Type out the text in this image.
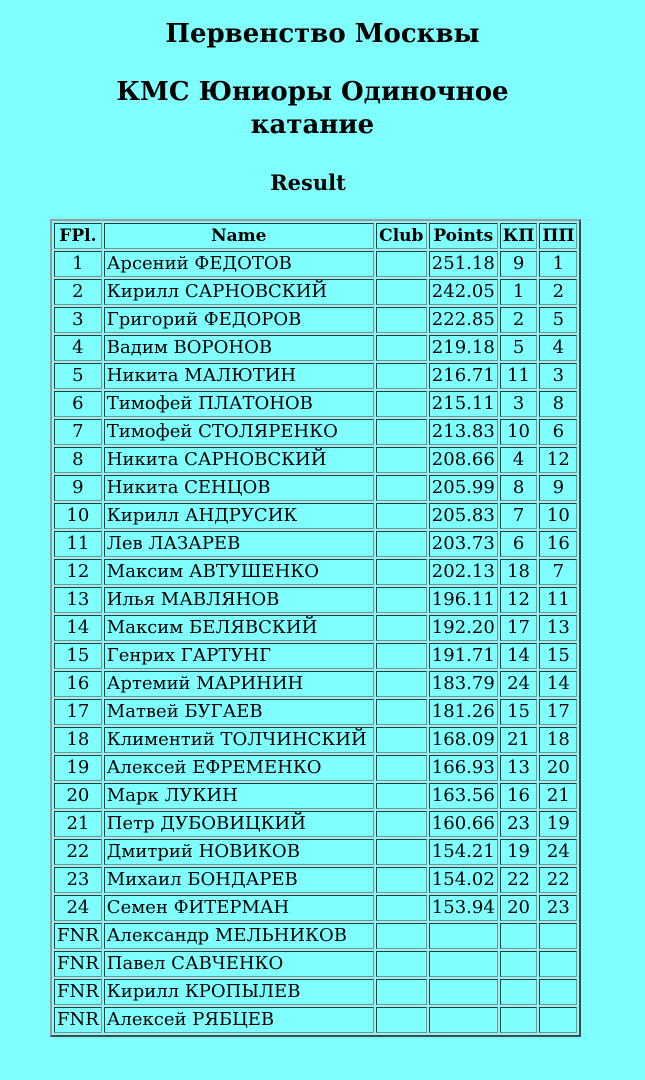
Первенство Москвы
КМС Юниоры Одиночное катание
Result
FPl.	Name	Club	Points	КП	ПП
1	Арсений ФЕДОТОВ		251.18	9	1
2	Кирилл САРНОВСКИЙ		242.05	1	2
3	Григорий ФЕДОРОВ		222.85	2	5
4	Вадим ВОРОНОВ		219.18	5	4
5	Никита МАЛЮТИН		216.71	11	3
6	Тимофей ПЛАТОНОВ		215.11	3	8
7	Тимофей СТОЛЯРЕНКО		213.83	10	6
8	Никита САРНОВСКИЙ		208.66	4	12
9	Никита СЕНЦОВ		205.99	8	9
10	Кирилл АНДРУСИК		205.83	7	10
11	Лев ЛАЗАРЕВ		203.73	6	16
12	Максим АВТУШЕНКО		202.13	18	7
13	Илья МАВЛЯНОВ		196.11	12	11
14	Максим БЕЛЯВСКИЙ		192.20	17	13
15	Генрих ГАРТУНГ		191.71	14	15
16	Артемий МАРИНИН		183.79	24	14
17	Матвей БУГАЕВ		181.26	15	17
18	Климентий ТОЛЧИНСКИЙ		168.09	21	18
19	Алексей ЕФРЕМЕНКО		166.93	13	20
20	Марк ЛУКИН		163.56	16	21
21	Петр ДУБОВИЦКИЙ		160.66	23	19
22	Дмитрий НОВИКОВ		154.21	19	24
23	Михаил БОНДАРЕВ		154.02	22	22
24	Семен ФИТЕРМАН		153.94	20	23
FNR	Александр МЕЛЬНИКОВ				
FNR	Павел САВЧЕНКО				
FNR	Кирилл КРОПЫЛЕВ				
FNR	Алексей РЯБЦЕВ				
